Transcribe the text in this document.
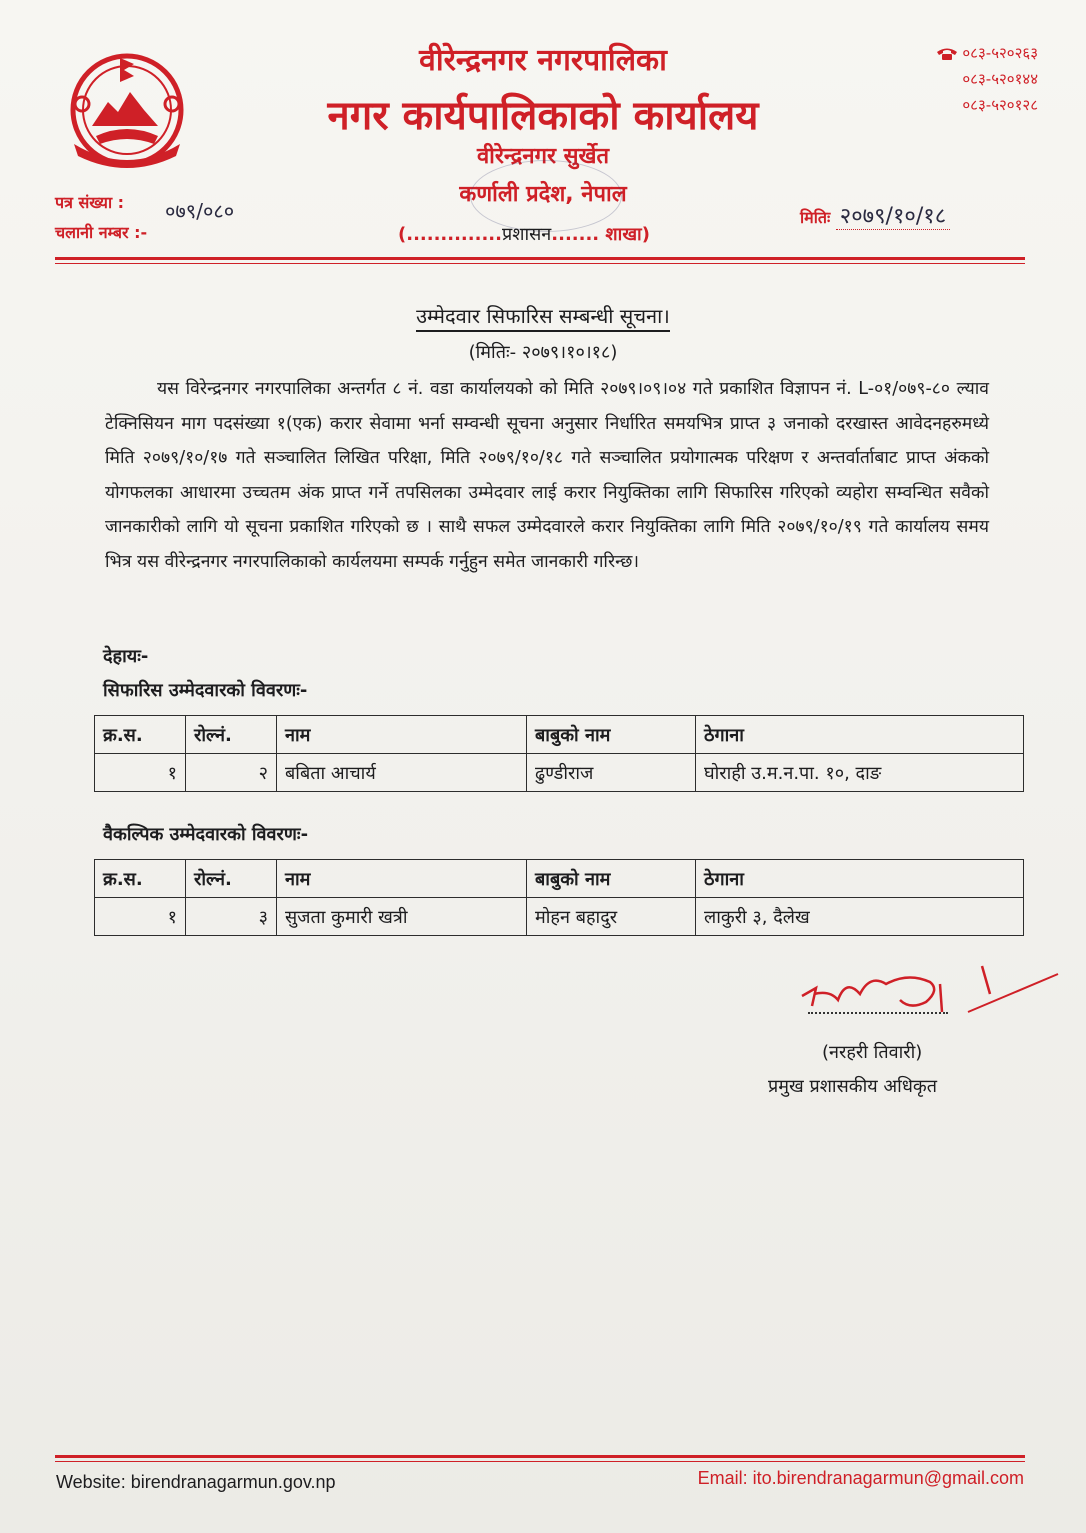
वीरेन्द्रनगर नगरपालिका
नगर कार्यपालिकाको कार्यालय
वीरेन्द्रनगर सुर्खेत
कर्णाली प्रदेश, नेपाल
(..............प्रशासन....... शाखा)
०८३-५२०२६३
०८३-५२०१४४
०८३-५२०१२८
पत्र संख्या :
चलानी नम्बर :-
०७९/०८०	मितिः २०७९/१०/१८
उम्मेदवार सिफारिस सम्बन्धी सूचना।
(मितिः- २०७९।१०।१८)
यस विरेन्द्रनगर नगरपालिका अन्तर्गत ८ नं. वडा कार्यालयको को मिति २०७९।०९।०४ गते प्रकाशित विज्ञापन नं. L-०१/०७९-८० ल्याव टेक्निसियन माग पदसंख्या १(एक) करार सेवामा भर्ना सम्वन्धी सूचना अनुसार निर्धारित समयभित्र प्राप्त ३ जनाको दरखास्त आवेदनहरुमध्ये मिति २०७९/१०/१७ गते सञ्चालित लिखित परिक्षा, मिति २०७९/१०/१८ गते सञ्चालित प्रयोगात्मक परिक्षण र अन्तर्वार्ताबाट प्राप्त अंकको योगफलका आधारमा उच्चतम अंक प्राप्त गर्ने तपसिलका उम्मेदवार लाई करार नियुक्तिका लागि सिफारिस गरिएको व्यहोरा सम्वन्धित सवैको जानकारीको लागि यो सूचना प्रकाशित गरिएको छ । साथै सफल उम्मेदवारले करार नियुक्तिका लागि मिति २०७९/१०/१९ गते कार्यालय समय भित्र यस वीरेन्द्रनगर नगरपालिकाको कार्यलयमा सम्पर्क गर्नुहुन समेत जानकारी गरिन्छ।
देहायः-
सिफारिस उम्मेदवारको विवरणः-
क्र.स.	रोल्नं.	नाम	बाबुको नाम	ठेगाना
१	२	बबिता आचार्य	ढुण्डीराज	घोराही उ.म.न.पा. १०, दाङ
वैकल्पिक उम्मेदवारको विवरणः-
क्र.स.	रोल्नं.	नाम	बाबुको नाम	ठेगाना
१	३	सुजता कुमारी खत्री	मोहन बहादुर	लाकुरी ३, दैलेख
(नरहरी तिवारी)
प्रमुख प्रशासकीय अधिकृत
Website: birendranagarmun.gov.np	Email: ito.birendranagarmun@gmail.com
